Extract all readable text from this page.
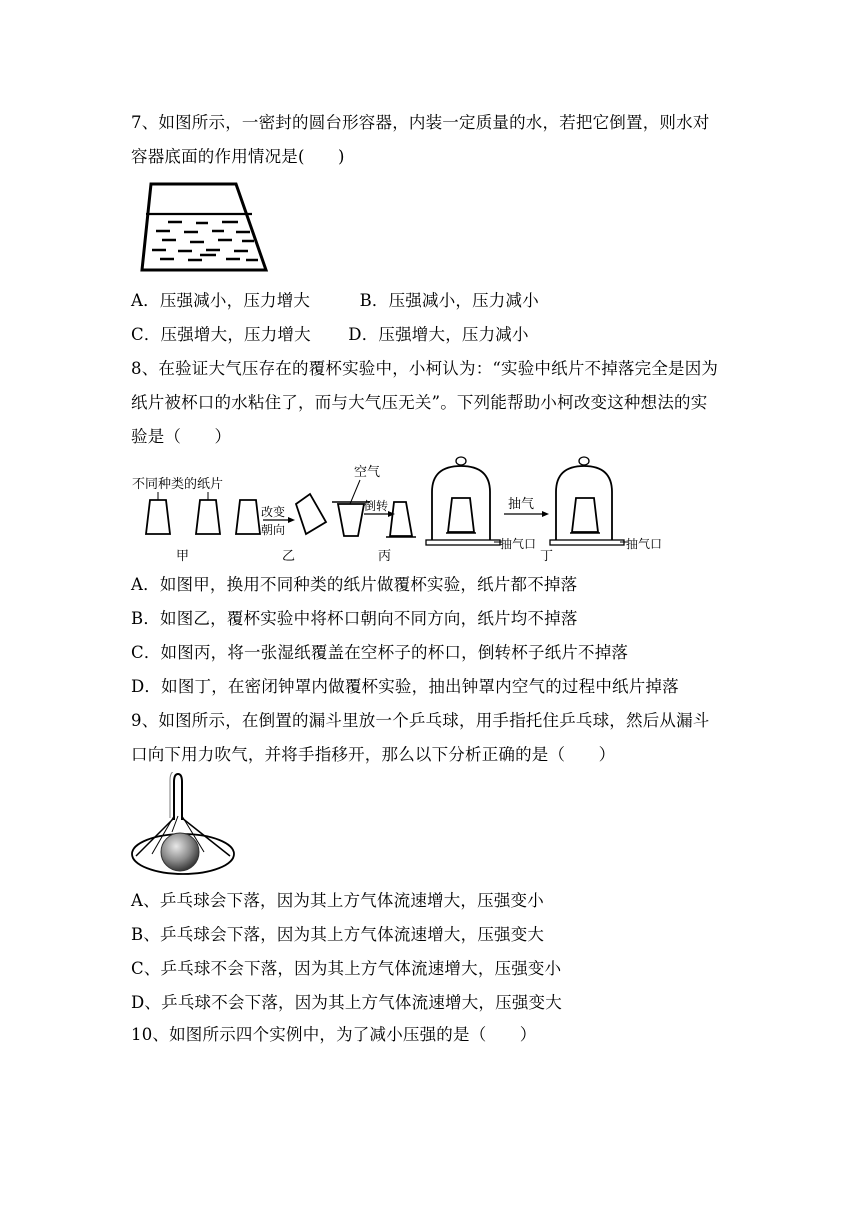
7、如图所示，一密封的圆台形容器，内装一定质量的水，若把它倒置，则水对
容器底面的作用情况是(　　)
A．压强减小，压力增大	B．压强减小，压力减小
C．压强增大，压力增大 D．压强增大，压力减小
8、在验证大气压存在的覆杯实验中，小柯认为：“实验中纸片不掉落完全是因为
纸片被杯口的水粘住了，而与大气压无关”。下列能帮助小柯改变这种想法的实
验是（　　）
不同种类的纸片
甲
改变
朝向
乙
空气
倒转
丙
抽气口
丁
抽气
抽气口
A．如图甲，换用不同种类的纸片做覆杯实验，纸片都不掉落
B．如图乙，覆杯实验中将杯口朝向不同方向，纸片均不掉落
C．如图丙，将一张湿纸覆盖在空杯子的杯口，倒转杯子纸片不掉落
D．如图丁，在密闭钟罩内做覆杯实验，抽出钟罩内空气的过程中纸片掉落
9、如图所示，在倒置的漏斗里放一个乒乓球，用手指托住乒乓球，然后从漏斗
口向下用力吹气，并将手指移开，那么以下分析正确的是（　　）
A、乒乓球会下落，因为其上方气体流速增大，压强变小
B、乒乓球会下落，因为其上方气体流速增大，压强变大
C、乒乓球不会下落，因为其上方气体流速增大，压强变小
D、乒乓球不会下落，因为其上方气体流速增大，压强变大
10、如图所示四个实例中，为了减小压强的是（　　）
